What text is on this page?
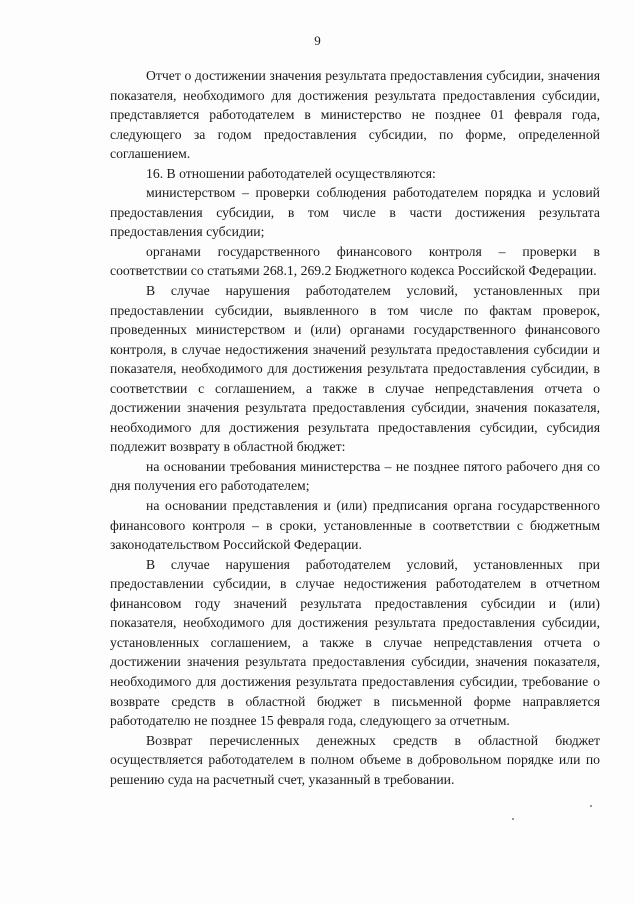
9

Отчет о достижении значения результата предоставления субсидии, значения показателя, необходимого для достижения результата предоставления субсидии, представляется работодателем в министерство не позднее 01 февраля года, следующего за годом предоставления субсидии, по форме, определенной соглашением.

16. В отношении работодателей осуществляются:

министерством – проверки соблюдения работодателем порядка и условий предоставления субсидии, в том числе в части достижения результата предоставления субсидии;

органами государственного финансового контроля – проверки в соответствии со статьями 268.1, 269.2 Бюджетного кодекса Российской Федерации.

В случае нарушения работодателем условий, установленных при предоставлении субсидии, выявленного в том числе по фактам проверок, проведенных министерством и (или) органами государственного финансового контроля, в случае недостижения значений результата предоставления субсидии и показателя, необходимого для достижения результата предоставления субсидии, в соответствии с соглашением, а также в случае непредставления отчета о достижении значения результата предоставления субсидии, значения показателя, необходимого для достижения результата предоставления субсидии, субсидия подлежит возврату в областной бюджет:

на основании требования министерства – не позднее пятого рабочего дня со дня получения его работодателем;

на основании представления и (или) предписания органа государственного финансового контроля – в сроки, установленные в соответствии с бюджетным законодательством Российской Федерации.

В случае нарушения работодателем условий, установленных при предоставлении субсидии, в случае недостижения работодателем в отчетном финансовом году значений результата предоставления субсидии и (или) показателя, необходимого для достижения результата предоставления субсидии, установленных соглашением, а также в случае непредставления отчета о достижении значения результата предоставления субсидии, значения показателя, необходимого для достижения результата предоставления субсидии, требование о возврате средств в областной бюджет в письменной форме направляется работодателю не позднее 15 февраля года, следующего за отчетным.

Возврат перечисленных денежных средств в областной бюджет осуществляется работодателем в полном объеме в добровольном порядке или по решению суда на расчетный счет, указанный в требовании.
